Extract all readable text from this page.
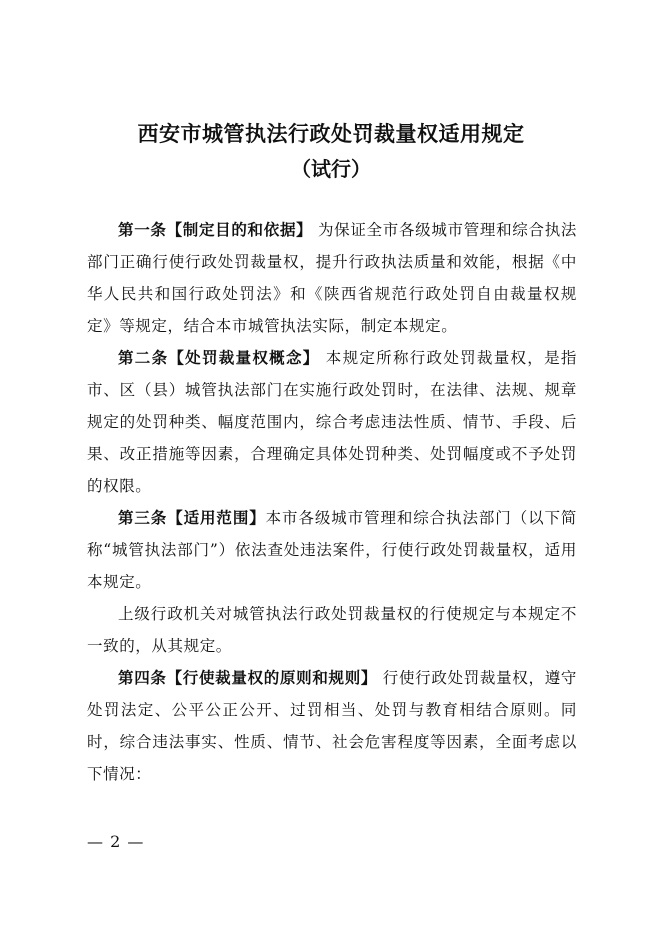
西安市城管执法行政处罚裁量权适用规定
（试行）

第一条【制定目的和依据】 为保证全市各级城市管理和综合执法部门正确行使行政处罚裁量权，提升行政执法质量和效能，根据《中华人民共和国行政处罚法》和《陕西省规范行政处罚自由裁量权规定》等规定，结合本市城管执法实际，制定本规定。

第二条【处罚裁量权概念】 本规定所称行政处罚裁量权，是指市、区（县）城管执法部门在实施行政处罚时，在法律、法规、规章规定的处罚种类、幅度范围内，综合考虑违法性质、情节、手段、后果、改正措施等因素，合理确定具体处罚种类、处罚幅度或不予处罚的权限。

第三条【适用范围】本市各级城市管理和综合执法部门（以下简称“城管执法部门”）依法查处违法案件，行使行政处罚裁量权，适用本规定。

上级行政机关对城管执法行政处罚裁量权的行使规定与本规定不一致的，从其规定。

第四条【行使裁量权的原则和规则】 行使行政处罚裁量权，遵守处罚法定、公平公正公开、过罚相当、处罚与教育相结合原则。同时，综合违法事实、性质、情节、社会危害程度等因素，全面考虑以下情况：

— 2 —
